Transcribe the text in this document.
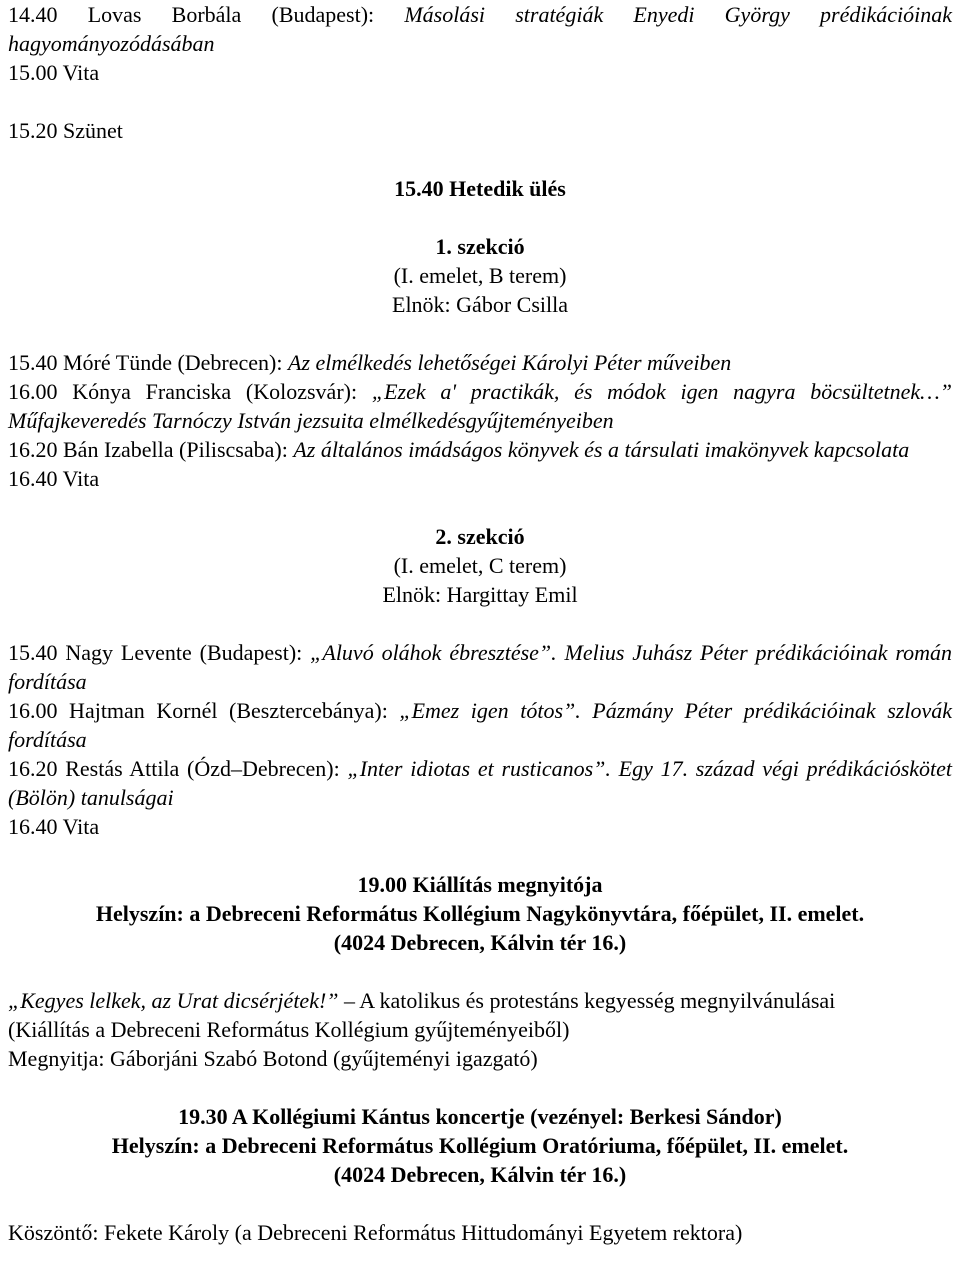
14.40 Lovas Borbála (Budapest): Másolási stratégiák Enyedi György prédikációinak hagyományozódásában

15.00 Vita

15.20 Szünet

15.40 Hetedik ülés

1. szekció

(I. emelet, B terem)

Elnök: Gábor Csilla

15.40 Móré Tünde (Debrecen): Az elmélkedés lehetőségei Károlyi Péter műveiben

16.00 Kónya Franciska (Kolozsvár): „Ezek a' practikák, és módok igen nagyra böcsültetnek…” Műfajkeveredés Tarnóczy István jezsuita elmélkedésgyűjteményeiben

16.20 Bán Izabella (Piliscsaba): Az általános imádságos könyvek és a társulati imakönyvek kapcsolata

16.40 Vita

2. szekció

(I. emelet, C terem)

Elnök: Hargittay Emil

15.40 Nagy Levente (Budapest): „Aluvó oláhok ébresztése”. Melius Juhász Péter prédikációinak román fordítása

16.00 Hajtman Kornél (Besztercebánya): „Emez igen tótos”. Pázmány Péter prédikációinak szlovák fordítása

16.20 Restás Attila (Ózd–Debrecen): „Inter idiotas et rusticanos”. Egy 17. század végi prédikációskötet (Bölön) tanulságai

16.40 Vita

19.00 Kiállítás megnyitója

Helyszín: a Debreceni Református Kollégium Nagykönyvtára, főépület, II. emelet.

(4024 Debrecen, Kálvin tér 16.)

„Kegyes lelkek, az Urat dicsérjétek!” – A katolikus és protestáns kegyesség megnyilvánulásai

(Kiállítás a Debreceni Református Kollégium gyűjteményeiből)

Megnyitja: Gáborjáni Szabó Botond (gyűjteményi igazgató)

19.30 A Kollégiumi Kántus koncertje (vezényel: Berkesi Sándor)

Helyszín: a Debreceni Református Kollégium Oratóriuma, főépület, II. emelet.

(4024 Debrecen, Kálvin tér 16.)

Köszöntő: Fekete Károly (a Debreceni Református Hittudományi Egyetem rektora)
